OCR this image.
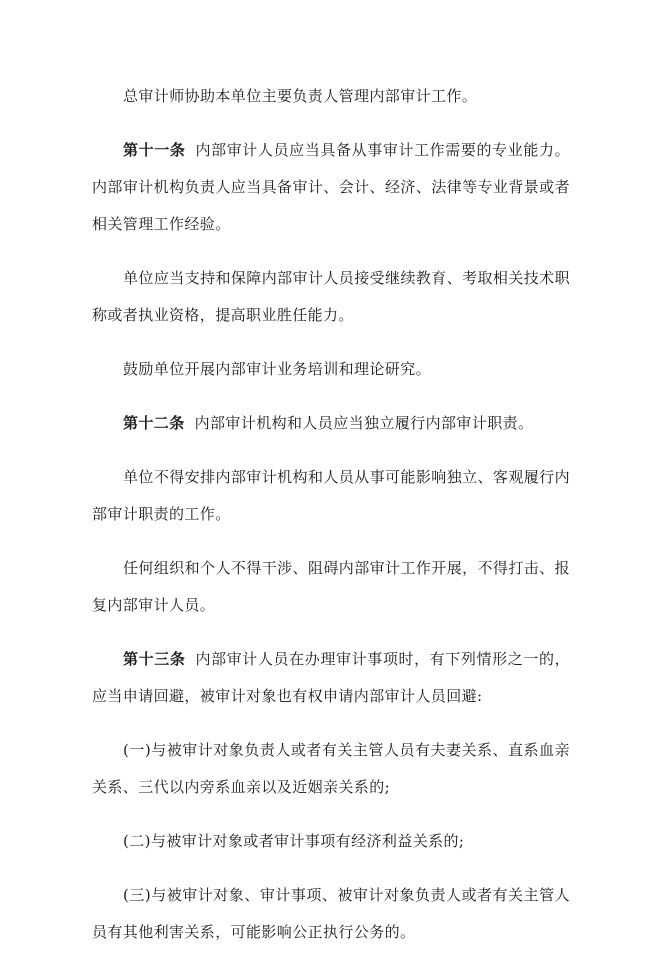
总审计师协助本单位主要负责人管理内部审计工作。

第十一条 内部审计人员应当具备从事审计工作需要的专业能力。内部审计机构负责人应当具备审计、会计、经济、法律等专业背景或者相关管理工作经验。

单位应当支持和保障内部审计人员接受继续教育、考取相关技术职称或者执业资格，提高职业胜任能力。

鼓励单位开展内部审计业务培训和理论研究。

第十二条 内部审计机构和人员应当独立履行内部审计职责。

单位不得安排内部审计机构和人员从事可能影响独立、客观履行内部审计职责的工作。

任何组织和个人不得干涉、阻碍内部审计工作开展，不得打击、报复内部审计人员。

第十三条 内部审计人员在办理审计事项时，有下列情形之一的，应当申请回避，被审计对象也有权申请内部审计人员回避:

(一)与被审计对象负责人或者有关主管人员有夫妻关系、直系血亲关系、三代以内旁系血亲以及近姻亲关系的;

(二)与被审计对象或者审计事项有经济利益关系的;

(三)与被审计对象、审计事项、被审计对象负责人或者有关主管人员有其他利害关系，可能影响公正执行公务的。
